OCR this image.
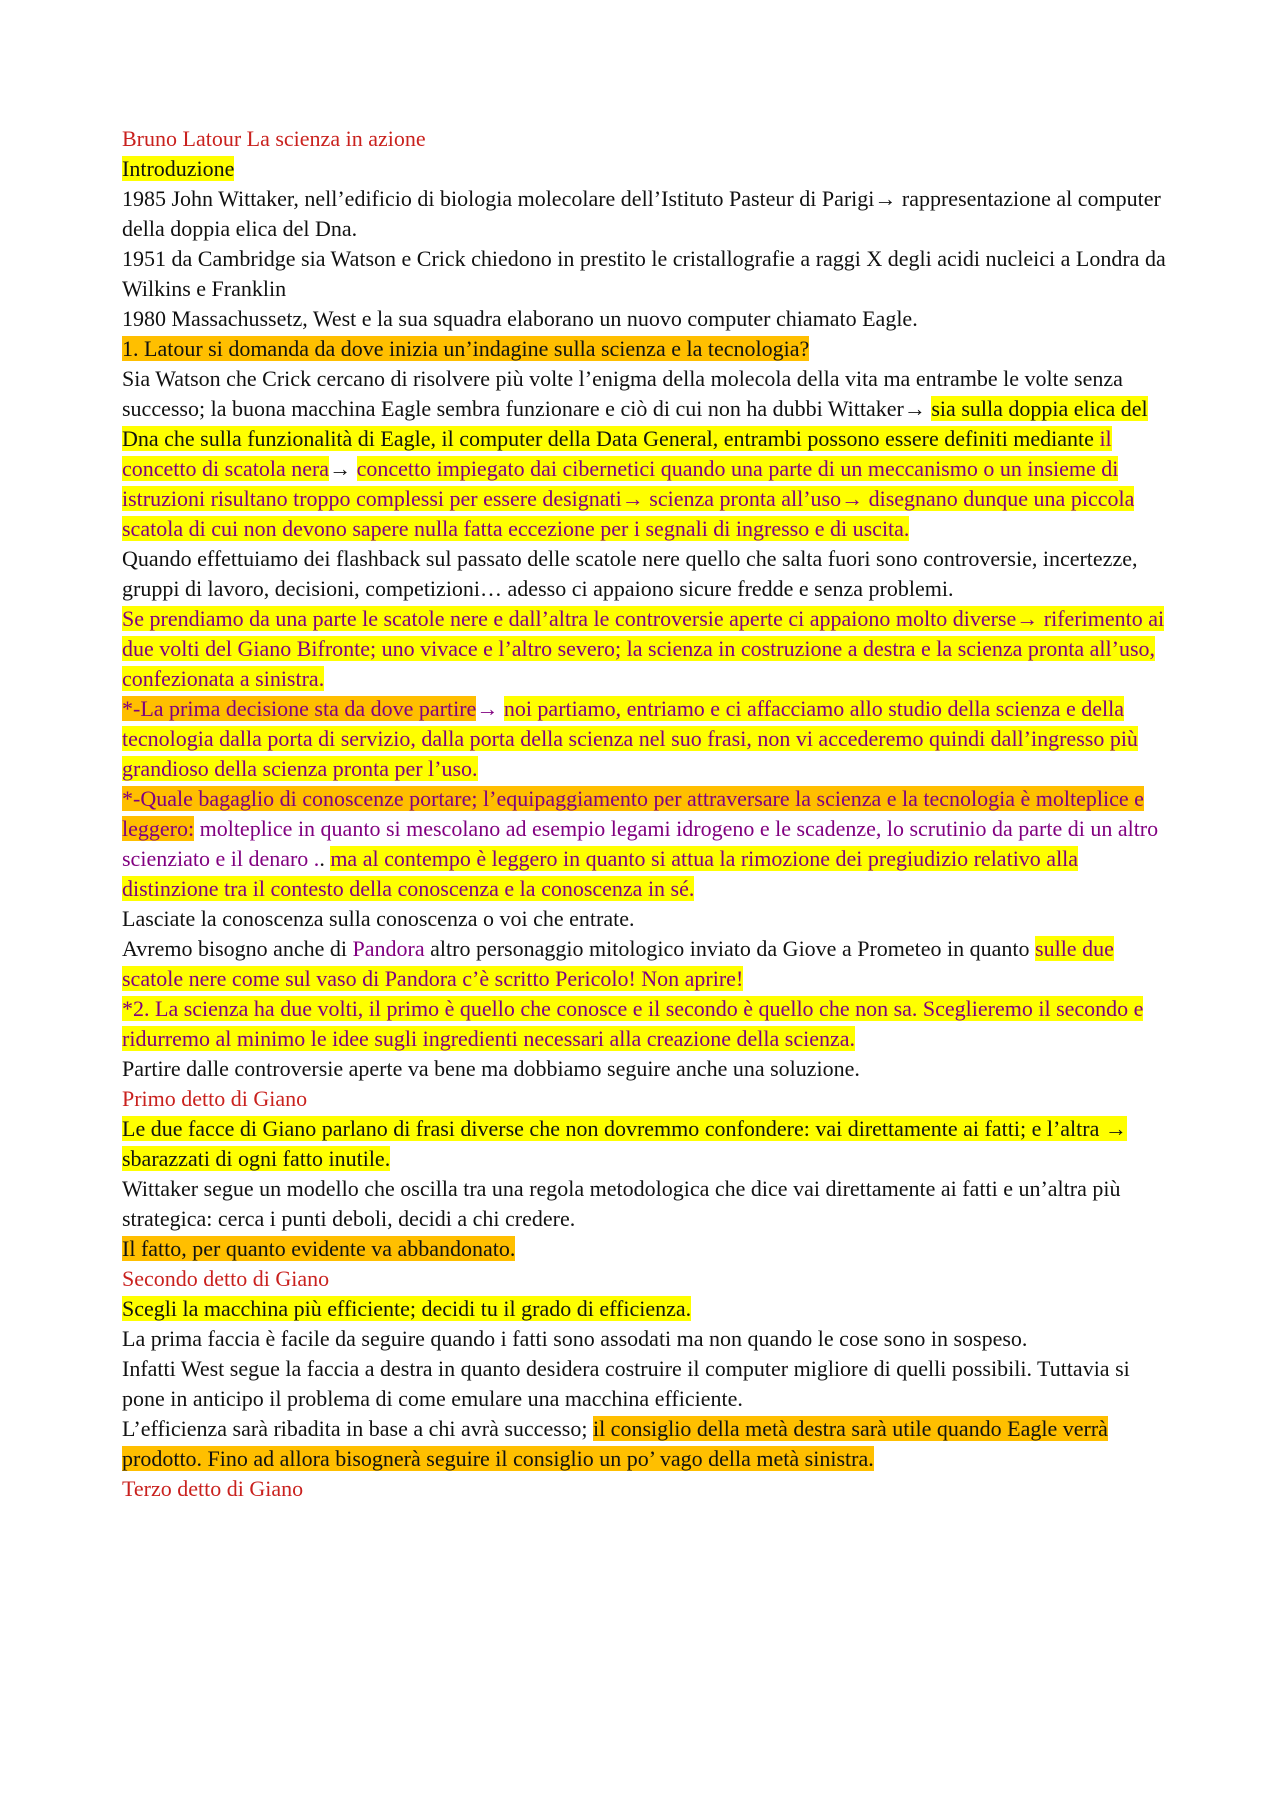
Bruno Latour La scienza in azione

Introduzione

1985 John Wittaker, nell’edificio di biologia molecolare dell’Istituto Pasteur di Parigi→ rappresentazione al computer della doppia elica del Dna.

1951 da Cambridge sia Watson e Crick chiedono in prestito le cristallografie a raggi X degli acidi nucleici a Londra da Wilkins e Franklin

1980 Massachussetz, West e la sua squadra elaborano un nuovo computer chiamato Eagle.

1. Latour si domanda da dove inizia un’indagine sulla scienza e la tecnologia?

Sia Watson che Crick cercano di risolvere più volte l’enigma della molecola della vita ma entrambe le volte senza successo; la buona macchina Eagle sembra funzionare e ciò di cui non ha dubbi Wittaker→ sia sulla doppia elica del Dna che sulla funzionalità di Eagle, il computer della Data General, entrambi possono essere definiti mediante il concetto di scatola nera→ concetto impiegato dai cibernetici quando una parte di un meccanismo o un insieme di istruzioni risultano troppo complessi per essere designati→ scienza pronta all’uso→ disegnano dunque una piccola scatola di cui non devono sapere nulla fatta eccezione per i segnali di ingresso e di uscita.

Quando effettuiamo dei flashback sul passato delle scatole nere quello che salta fuori sono controversie, incertezze, gruppi di lavoro, decisioni, competizioni… adesso ci appaiono sicure fredde e senza problemi.

Se prendiamo da una parte le scatole nere e dall’altra le controversie aperte ci appaiono molto diverse→ riferimento ai due volti del Giano Bifronte; uno vivace e l’altro severo; la scienza in costruzione a destra e la scienza pronta all’uso, confezionata a sinistra.

*-La prima decisione sta da dove partire→ noi partiamo, entriamo e ci affacciamo allo studio della scienza e della tecnologia dalla porta di servizio, dalla porta della scienza nel suo frasi, non vi accederemo quindi dall’ingresso più grandioso della scienza pronta per l’uso.

*-Quale bagaglio di conoscenze portare; l’equipaggiamento per attraversare la scienza e la tecnologia è molteplice e leggero: molteplice in quanto si mescolano ad esempio legami idrogeno e le scadenze, lo scrutinio da parte di un altro scienziato e il denaro .. ma al contempo è leggero in quanto si attua la rimozione dei pregiudizio relativo alla distinzione tra il contesto della conoscenza e la conoscenza in sé.

Lasciate la conoscenza sulla conoscenza o voi che entrate.

Avremo bisogno anche di Pandora altro personaggio mitologico inviato da Giove a Prometeo in quanto sulle due scatole nere come sul vaso di Pandora c’è scritto Pericolo! Non aprire!

*2. La scienza ha due volti, il primo è quello che conosce e il secondo è quello che non sa. Sceglieremo il secondo e ridurremo al minimo le idee sugli ingredienti necessari alla creazione della scienza.

Partire dalle controversie aperte va bene ma dobbiamo seguire anche una soluzione.

Primo detto di Giano

Le due facce di Giano parlano di frasi diverse che non dovremmo confondere: vai direttamente ai fatti; e l’altra → sbarazzati di ogni fatto inutile.

Wittaker segue un modello che oscilla tra una regola metodologica che dice vai direttamente ai fatti e un’altra più strategica: cerca i punti deboli, decidi a chi credere.

Il fatto, per quanto evidente va abbandonato.

Secondo detto di Giano

Scegli la macchina più efficiente; decidi tu il grado di efficienza.

La prima faccia è facile da seguire quando i fatti sono assodati ma non quando le cose sono in sospeso.

Infatti West segue la faccia a destra in quanto desidera costruire il computer migliore di quelli possibili. Tuttavia si pone in anticipo il problema di come emulare una macchina efficiente.

L’efficienza sarà ribadita in base a chi avrà successo; il consiglio della metà destra sarà utile quando Eagle verrà prodotto. Fino ad allora bisognerà seguire il consiglio un po’ vago della metà sinistra.

Terzo detto di Giano
